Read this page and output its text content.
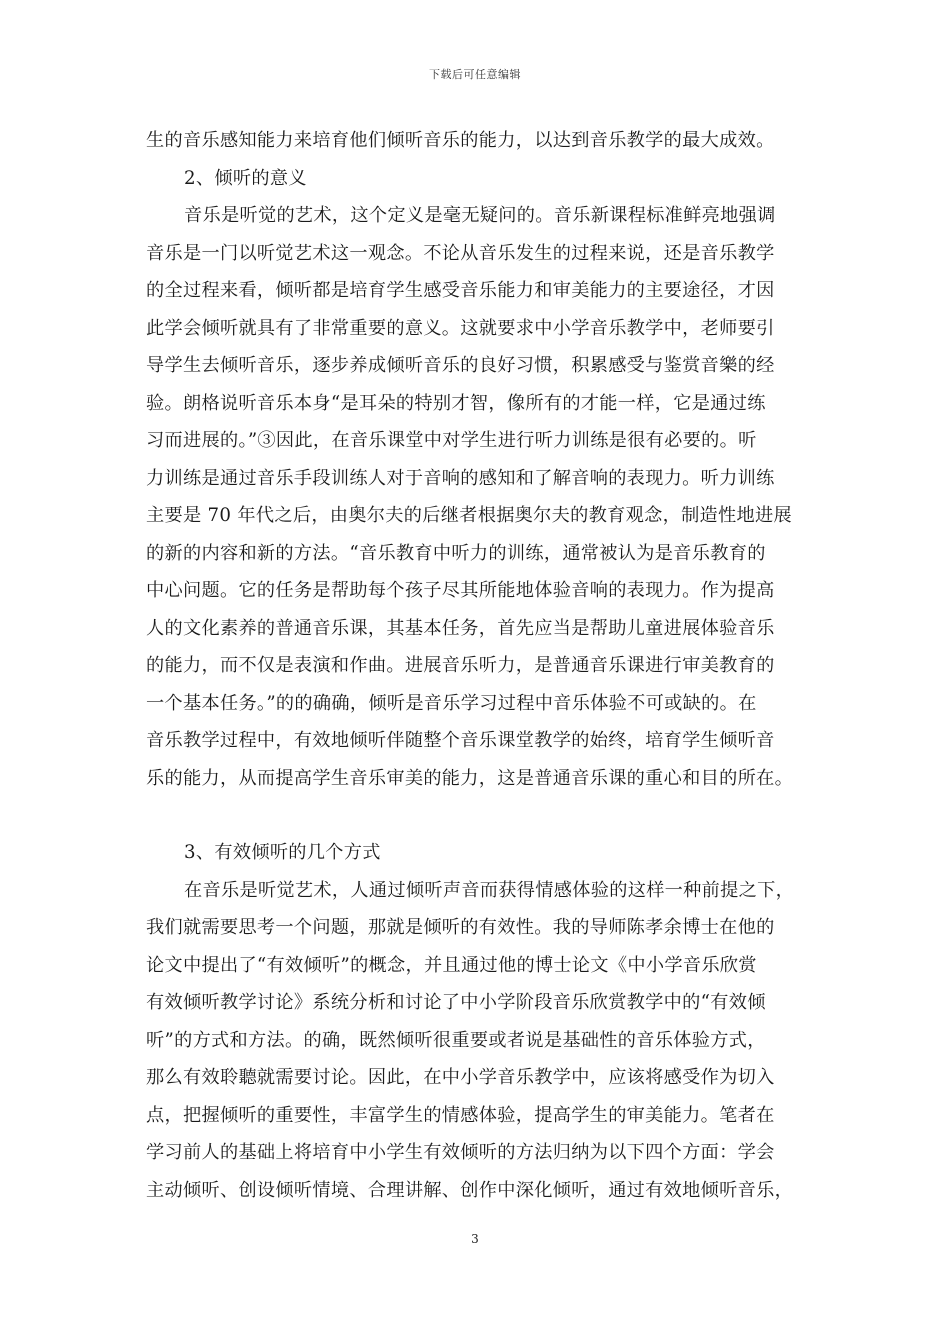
下载后可任意编辑
生的音乐感知能力来培育他们倾听音乐的能力，以达到音乐教学的最大成效。
2、倾听的意义
音乐是听觉的艺术，这个定义是毫无疑问的。音乐新课程标准鲜亮地强调
音乐是一门以听觉艺术这一观念。不论从音乐发生的过程来说，还是音乐教学
的全过程来看，倾听都是培育学生感受音乐能力和审美能力的主要途径，才因
此学会倾听就具有了非常重要的意义。这就要求中小学音乐教学中，老师要引
导学生去倾听音乐，逐步养成倾听音乐的良好习惯，积累感受与鉴赏音樂的经
验。朗格说听音乐本身“是耳朵的特别才智，像所有的才能一样，它是通过练
习而进展的。”③因此，在音乐课堂中对学生进行听力训练是很有必要的。听
力训练是通过音乐手段训练人对于音响的感知和了解音响的表现力。听力训练
主要是 70 年代之后，由奥尔夫的后继者根据奥尔夫的教育观念，制造性地进展
的新的内容和新的方法。“音乐教育中听力的训练，通常被认为是音乐教育的
中心问题。它的任务是帮助每个孩子尽其所能地体验音响的表现力。作为提高
人的文化素养的普通音乐课，其基本任务，首先应当是帮助儿童进展体验音乐
的能力，而不仅是表演和作曲。进展音乐听力，是普通音乐课进行审美教育的
一个基本任务。”的的确确，倾听是音乐学习过程中音乐体验不可或缺的。在
音乐教学过程中，有效地倾听伴随整个音乐课堂教学的始终，培育学生倾听音
乐的能力，从而提高学生音乐审美的能力，这是普通音乐课的重心和目的所在。
3、有效倾听的几个方式
在音乐是听觉艺术，人通过倾听声音而获得情感体验的这样一种前提之下，
我们就需要思考一个问题，那就是倾听的有效性。我的导师陈孝余博士在他的
论文中提出了“有效倾听”的概念，并且通过他的博士论文《中小学音乐欣赏
有效倾听教学讨论》系统分析和讨论了中小学阶段音乐欣赏教学中的“有效倾
听”的方式和方法。的确，既然倾听很重要或者说是基础性的音乐体验方式，
那么有效聆聽就需要讨论。因此，在中小学音乐教学中，应该将感受作为切入
点，把握倾听的重要性，丰富学生的情感体验，提高学生的审美能力。笔者在
学习前人的基础上将培育中小学生有效倾听的方法归纳为以下四个方面：学会
主动倾听、创设倾听情境、合理讲解、创作中深化倾听，通过有效地倾听音乐，
3
